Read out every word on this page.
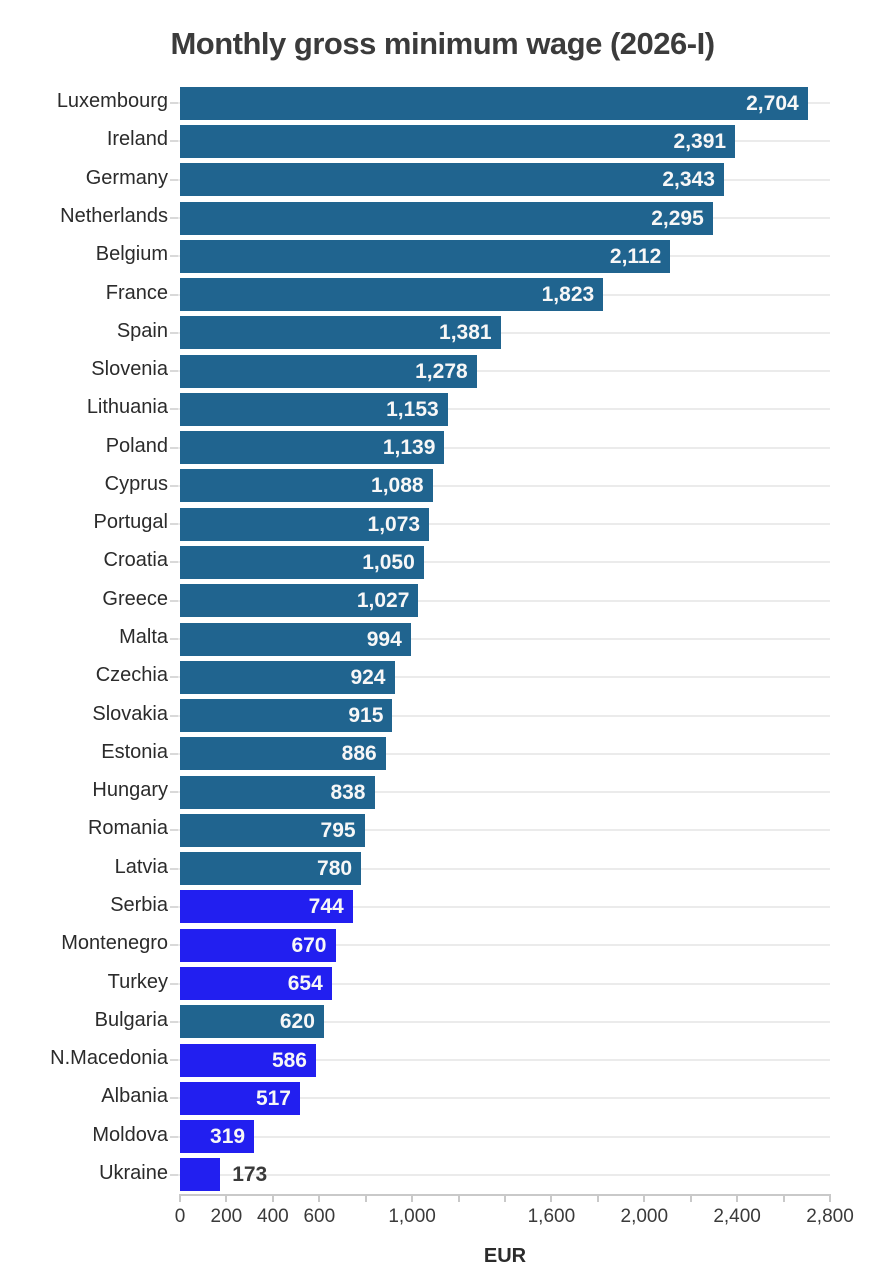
Monthly gross minimum wage (2026-I)
Luxembourg	2,704
Ireland	2,391
Germany	2,343
Netherlands	2,295
Belgium	2,112
France	1,823
Spain	1,381
Slovenia	1,278
Lithuania	1,153
Poland	1,139
Cyprus	1,088
Portugal	1,073
Croatia	1,050
Greece	1,027
Malta	994
Czechia	924
Slovakia	915
Estonia	886
Hungary	838
Romania	795
Latvia	780
Serbia	744
Montenegro	670
Turkey	654
Bulgaria	620
N.Macedonia	586
Albania	517
Moldova 319
Ukraine	173
0	200 400 600	1,000	1,600	2,000	2,400	2,800
EUR
